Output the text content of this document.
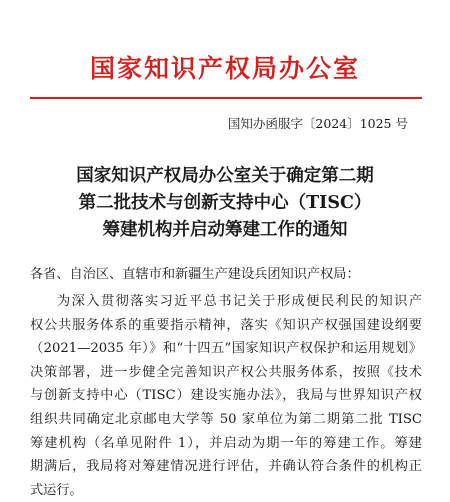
国家知识产权局办公室
国知办函服字〔2024〕1025 号
国家知识产权局办公室关于确定第二期
第二批技术与创新支持中心（TISC）
筹建机构并启动筹建工作的通知
各省、自治区、直辖市和新疆生产建设兵团知识产权局：
为深入贯彻落实习近平总书记关于形成便民利民的知识产
权公共服务体系的重要指示精神，落实《知识产权强国建设纲要
（2021—2035 年）》和“十四五”国家知识产权保护和运用规划》
决策部署，进一步健全完善知识产权公共服务体系，按照《技术
与创新支持中心（TISC）建设实施办法》，我局与世界知识产权
组织共同确定北京邮电大学等 50 家单位为第二期第二批 TISC
筹建机构（名单见附件 1），并启动为期一年的筹建工作。筹建
期满后，我局将对筹建情况进行评估，并确认符合条件的机构正
式运行。
